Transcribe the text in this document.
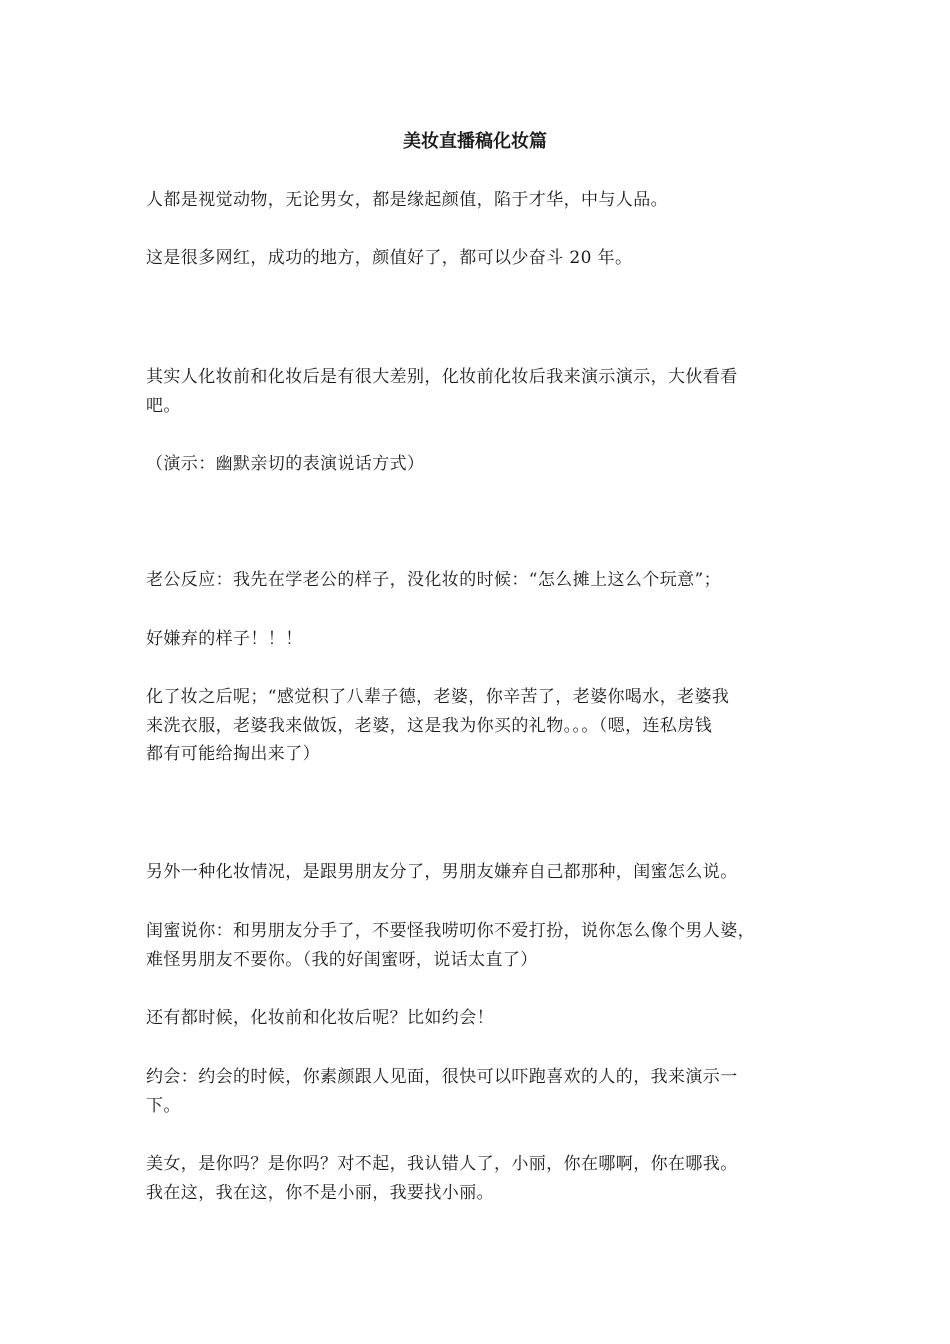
美妆直播稿化妆篇

人都是视觉动物，无论男女，都是缘起颜值，陷于才华，中与人品。

这是很多网红，成功的地方，颜值好了，都可以少奋斗 20 年。

其实人化妆前和化妆后是有很大差别，化妆前化妆后我来演示演示，大伙看看
吧。

（演示：幽默亲切的表演说话方式）

老公反应：我先在学老公的样子，没化妆的时候：“怎么摊上这么个玩意”；

好嫌弃的样子！！！

化了妆之后呢；“感觉积了八辈子德，老婆，你辛苦了，老婆你喝水，老婆我
来洗衣服，老婆我来做饭，老婆，这是我为你买的礼物。。。（嗯，连私房钱
都有可能给掏出来了）

另外一种化妆情况，是跟男朋友分了，男朋友嫌弃自己都那种，闺蜜怎么说。

闺蜜说你：和男朋友分手了，不要怪我唠叨你不爱打扮，说你怎么像个男人婆，
难怪男朋友不要你。（我的好闺蜜呀，说话太直了）

还有都时候，化妆前和化妆后呢？比如约会！

约会：约会的时候，你素颜跟人见面，很快可以吓跑喜欢的人的，我来演示一
下。

美女，是你吗？是你吗？对不起，我认错人了，小丽，你在哪啊，你在哪我。
我在这，我在这，你不是小丽，我要找小丽。
